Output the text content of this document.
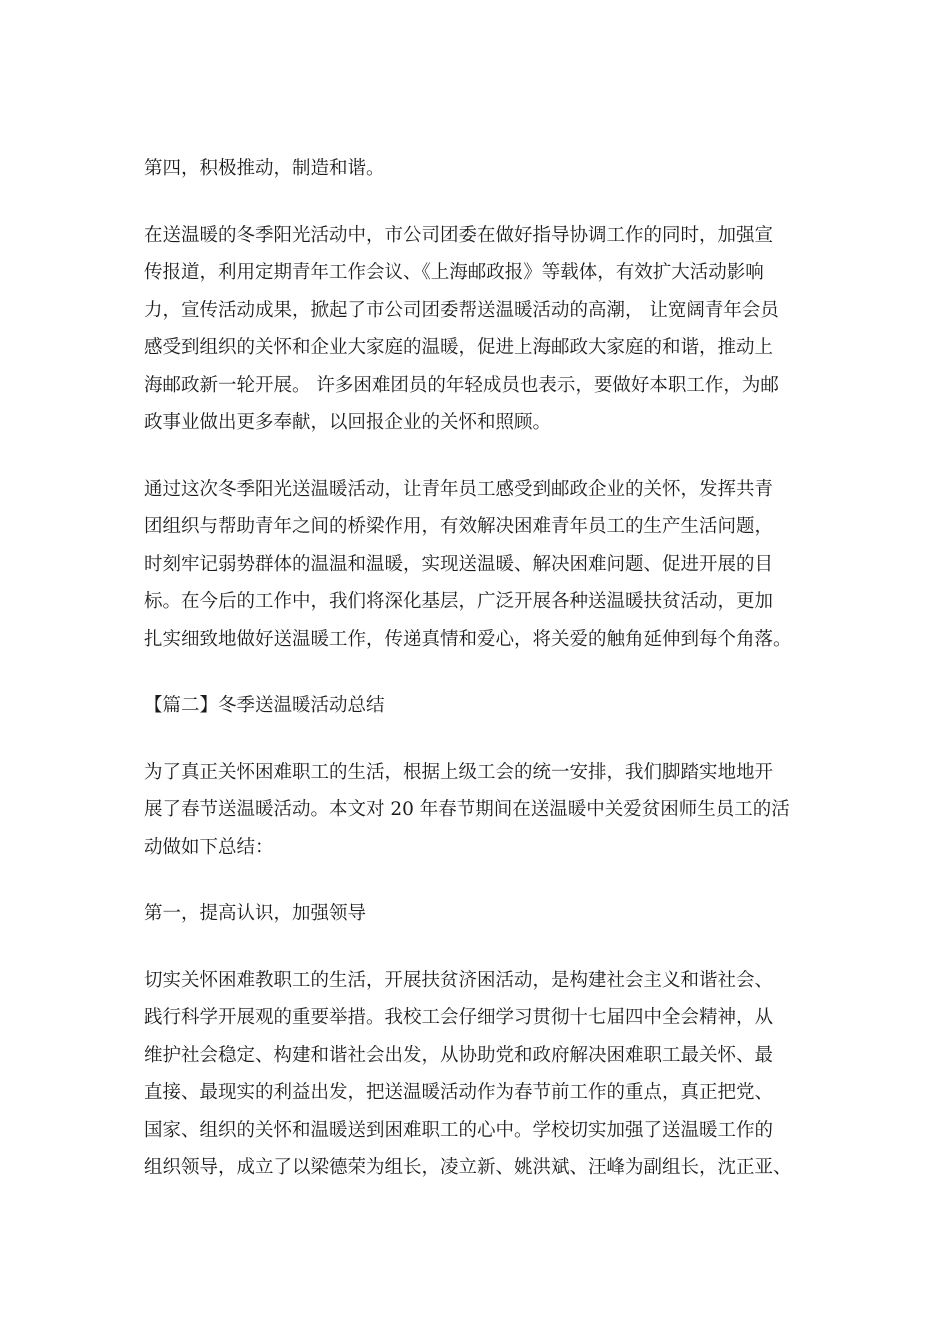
第四，积极推动，制造和谐。
在送温暖的冬季阳光活动中，市公司团委在做好指导协调工作的同时，加强宣
传报道，利用定期青年工作会议、《上海邮政报》等载体，有效扩大活动影响
力，宣传活动成果，掀起了市公司团委帮送温暖活动的高潮， 让宽阔青年会员
感受到组织的关怀和企业大家庭的温暖，促进上海邮政大家庭的和谐，推动上
海邮政新一轮开展。 许多困难团员的年轻成员也表示，要做好本职工作，为邮
政事业做出更多奉献，以回报企业的关怀和照顾。
通过这次冬季阳光送温暖活动，让青年员工感受到邮政企业的关怀，发挥共青
团组织与帮助青年之间的桥梁作用，有效解决困难青年员工的生产生活问题，
时刻牢记弱势群体的温温和温暖，实现送温暖、解决困难问题、促进开展的目
标。在今后的工作中，我们将深化基层，广泛开展各种送温暖扶贫活动，更加
扎实细致地做好送温暖工作，传递真情和爱心，将关爱的触角延伸到每个角落。
【篇二】冬季送温暖活动总结
为了真正关怀困难职工的生活，根据上级工会的统一安排，我们脚踏实地地开
展了春节送温暖活动。本文对 20 年春节期间在送温暖中关爱贫困师生员工的活
动做如下总结：
第一，提高认识，加强领导
切实关怀困难教职工的生活，开展扶贫济困活动，是构建社会主义和谐社会、
践行科学开展观的重要举措。我校工会仔细学习贯彻十七届四中全会精神，从
维护社会稳定、构建和谐社会出发，从协助党和政府解决困难职工最关怀、最
直接、最现实的利益出发，把送温暖活动作为春节前工作的重点，真正把党、
国家、组织的关怀和温暖送到困难职工的心中。学校切实加强了送温暖工作的
组织领导，成立了以梁德荣为组长，凌立新、姚洪斌、汪峰为副组长，沈正亚、
